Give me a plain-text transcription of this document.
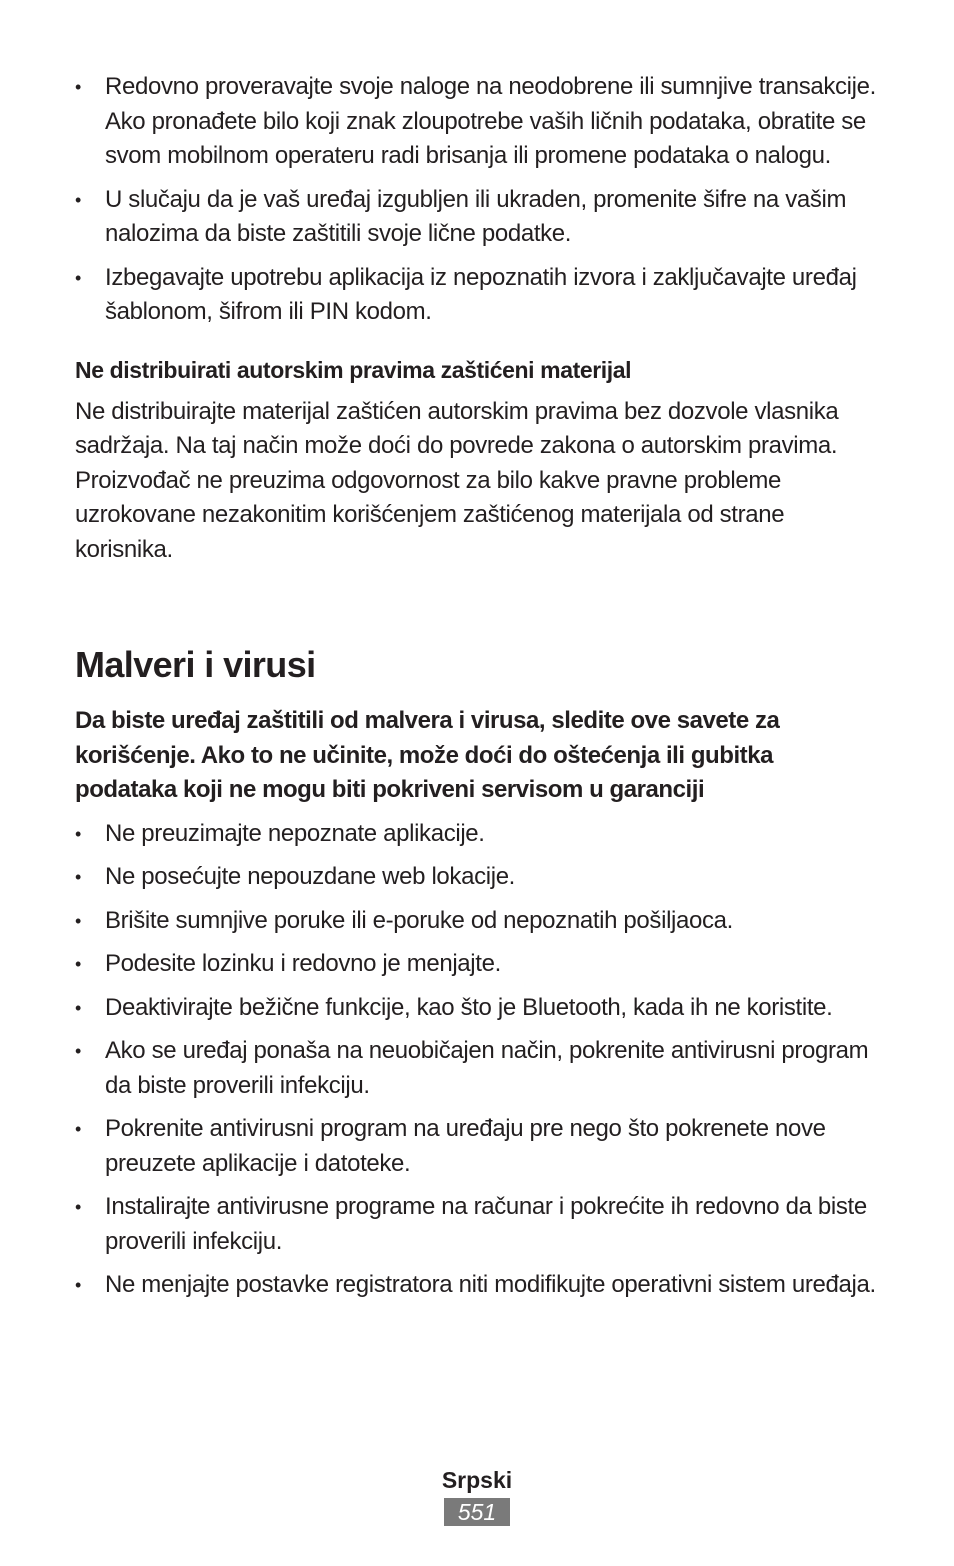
• Redovno proveravajte svoje naloge na neodobrene ili sumnjive transakcije. Ako pronađete bilo koji znak zloupotrebe vaših ličnih podataka, obratite se svom mobilnom operateru radi brisanja ili promene podataka o nalogu.
• U slučaju da je vaš uređaj izgubljen ili ukraden, promenite šifre na vašim nalozima da biste zaštitili svoje lične podatke.
• Izbegavajte upotrebu aplikacija iz nepoznatih izvora i zaključavajte uređaj šablonom, šifrom ili PIN kodom.
Ne distribuirati autorskim pravima zaštićeni materijal

Ne distribuirajte materijal zaštićen autorskim pravima bez dozvole vlasnika sadržaja. Na taj način može doći do povrede zakona o autorskim pravima. Proizvođač ne preuzima odgovornost za bilo kakve pravne probleme uzrokovane nezakonitim korišćenjem zaštićenog materijala od strane korisnika.

Malveri i virusi

Da biste uređaj zaštitili od malvera i virusa, sledite ove savete za korišćenje. Ako to ne učinite, može doći do oštećenja ili gubitka podataka koji ne mogu biti pokriveni servisom u garanciji

• Ne preuzimajte nepoznate aplikacije.
• Ne posećujte nepouzdane web lokacije.
• Brišite sumnjive poruke ili e-poruke od nepoznatih pošiljaoca.
• Podesite lozinku i redovno je menjajte.
• Deaktivirajte bežične funkcije, kao što je Bluetooth, kada ih ne koristite.
• Ako se uređaj ponaša na neuobičajen način, pokrenite antivirusni program da biste proverili infekciju.
• Pokrenite antivirusni program na uređaju pre nego što pokrenete nove preuzete aplikacije i datoteke.
• Instalirajte antivirusne programe na računar i pokrećite ih redovno da biste proverili infekciju.
• Ne menjajte postavke registratora niti modifikujte operativni sistem uređaja.
Srpski
551
